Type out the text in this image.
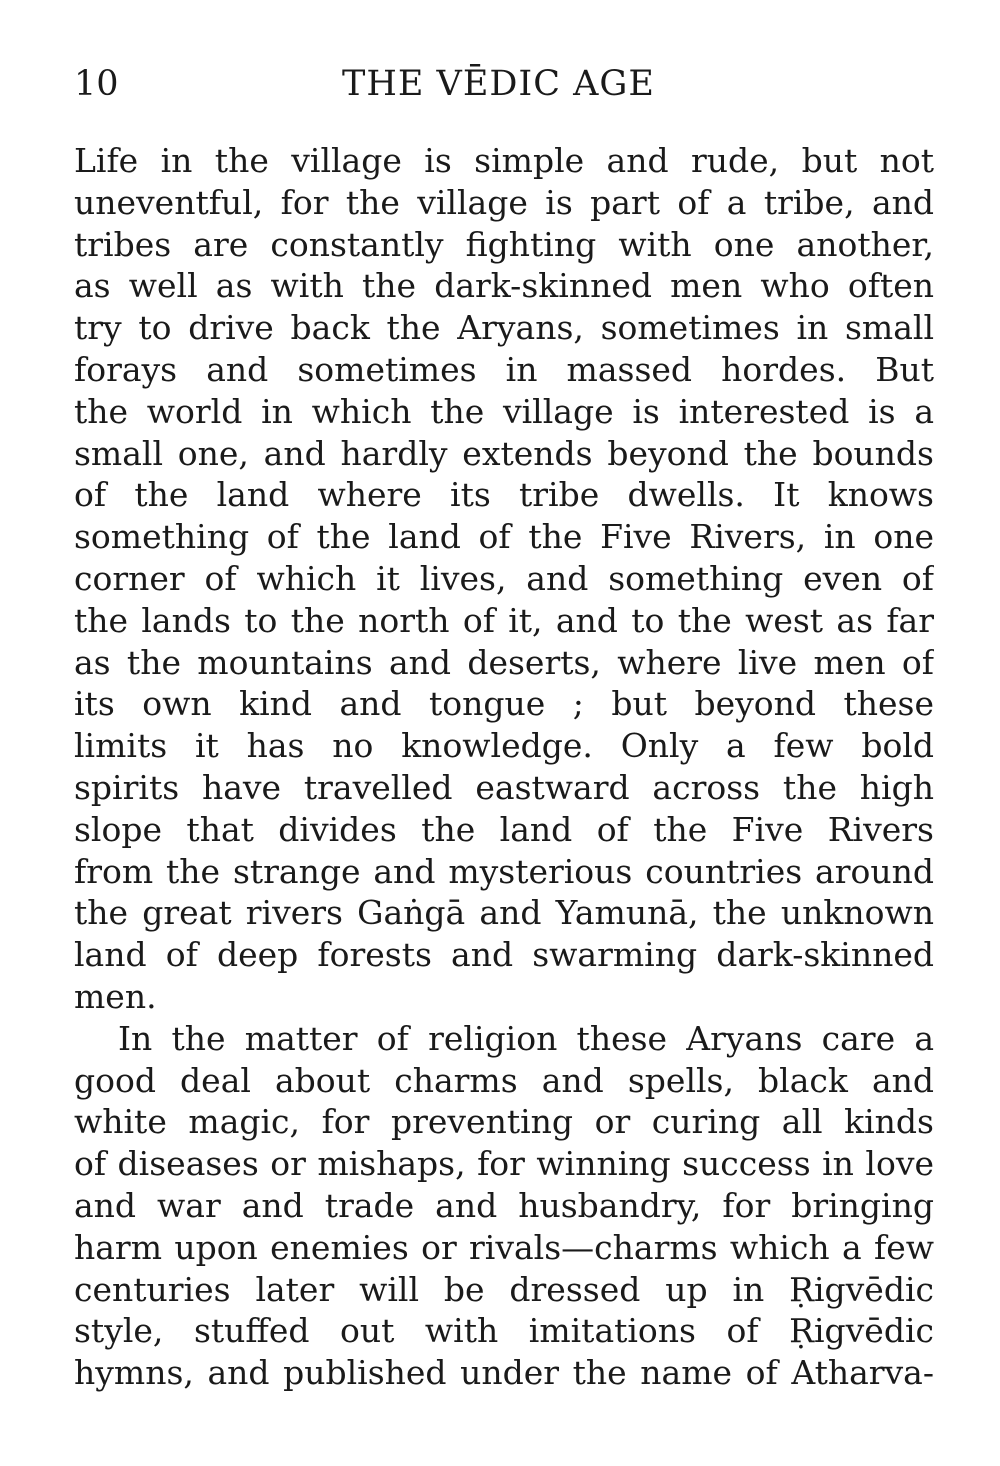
10	THE VĒDIC AGE
Life in the village is simple and rude, but not
uneventful, for the village is part of a tribe, and
tribes are constantly fighting with one another,
as well as with the dark-skinned men who often
try to drive back the Aryans, sometimes in small
forays and sometimes in massed hordes. But
the world in which the village is interested is a
small one, and hardly extends beyond the bounds
of the land where its tribe dwells. It knows
something of the land of the Five Rivers, in one
corner of which it lives, and something even of
the lands to the north of it, and to the west as far
as the mountains and deserts, where live men of
its own kind and tongue ; but beyond these
limits it has no knowledge. Only a few bold
spirits have travelled eastward across the high
slope that divides the land of the Five Rivers
from the strange and mysterious countries around
the great rivers Gaṅgā and Yamunā, the unknown
land of deep forests and swarming dark-skinned
men.
In the matter of religion these Aryans care a
good deal about charms and spells, black and
white magic, for preventing or curing all kinds
of diseases or mishaps, for winning success in love
and war and trade and husbandry, for bringing
harm upon enemies or rivals—charms which a few
centuries later will be dressed up in Ṛigvēdic
style, stuffed out with imitations of Ṛigvēdic
hymns, and published under the name of Atharva-
